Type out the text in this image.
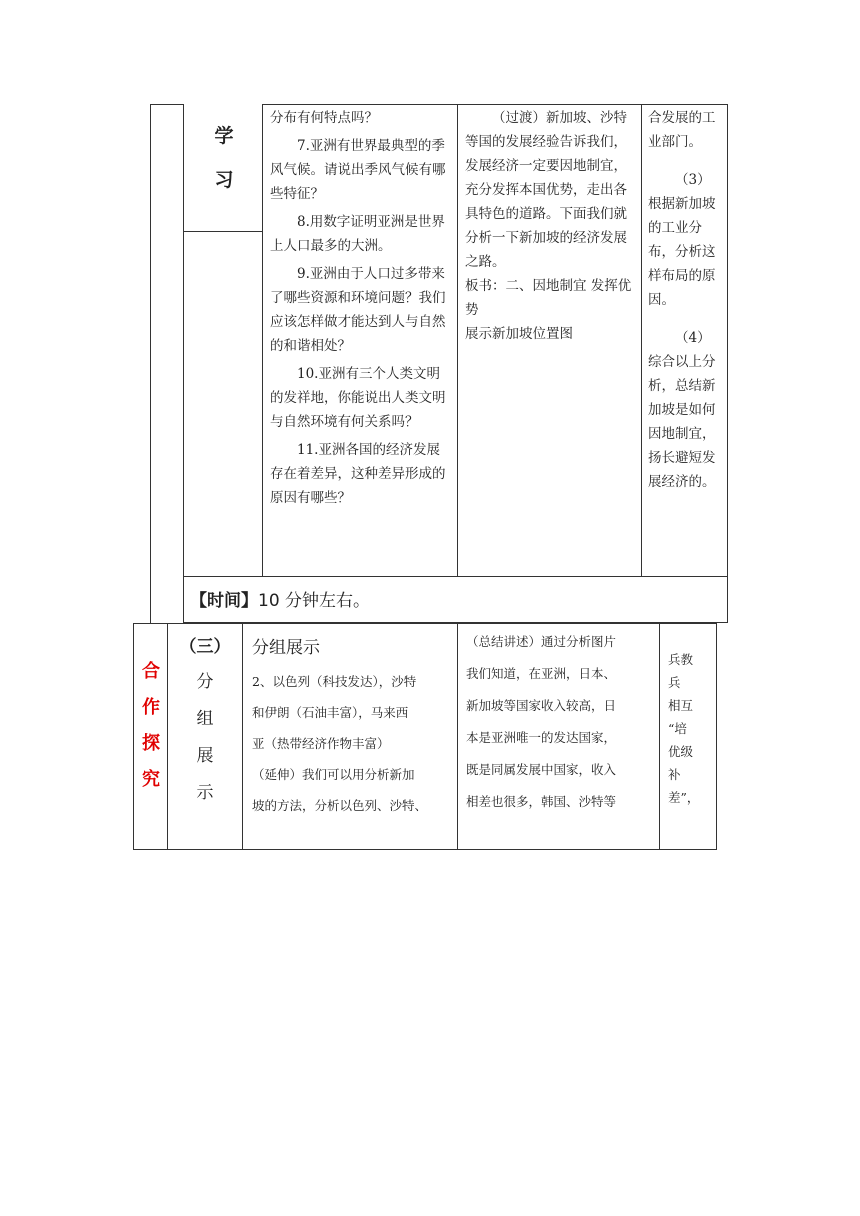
学
习

分布有何特点吗？

7.亚洲有世界最典型的季风气候。请说出季风气候有哪些特征？

8.用数字证明亚洲是世界上人口最多的大洲。

9.亚洲由于人口过多带来了哪些资源和环境问题？我们应该怎样做才能达到人与自然的和谐相处？

10.亚洲有三个人类文明的发祥地，你能说出人类文明与自然环境有何关系吗？

11.亚洲各国的经济发展存在着差异，这种差异形成的原因有哪些？

（过渡）新加坡、沙特等国的发展经验告诉我们，发展经济一定要因地制宜，充分发挥本国优势，走出各具特色的道路。下面我们就分析一下新加坡的经济发展之路。
板书：二、因地制宜 发挥优势
展示新加坡位置图

合发展的工业部门。

（3）根据新加坡的工业分布，分析这样布局的原因。

（4）综合以上分析，总结新加坡是如何因地制宜，扬长避短发展经济的。

【时间】10 分钟左右。
合
作
探
究
（三）
分
组
展
示
分组展示
2、以色列（科技发达），沙特
和伊朗（石油丰富），马来西
亚（热带经济作物丰富）
（延伸）我们可以用分析新加
坡的方法，分析以色列、沙特、
（总结讲述）通过分析图片
我们知道，在亚洲，日本、
新加坡等国家收入较高，日
本是亚洲唯一的发达国家，
既是同属发展中国家，收入
相差也很多，韩国、沙特等
兵教
兵
相互
“培
优级
补
差”，
